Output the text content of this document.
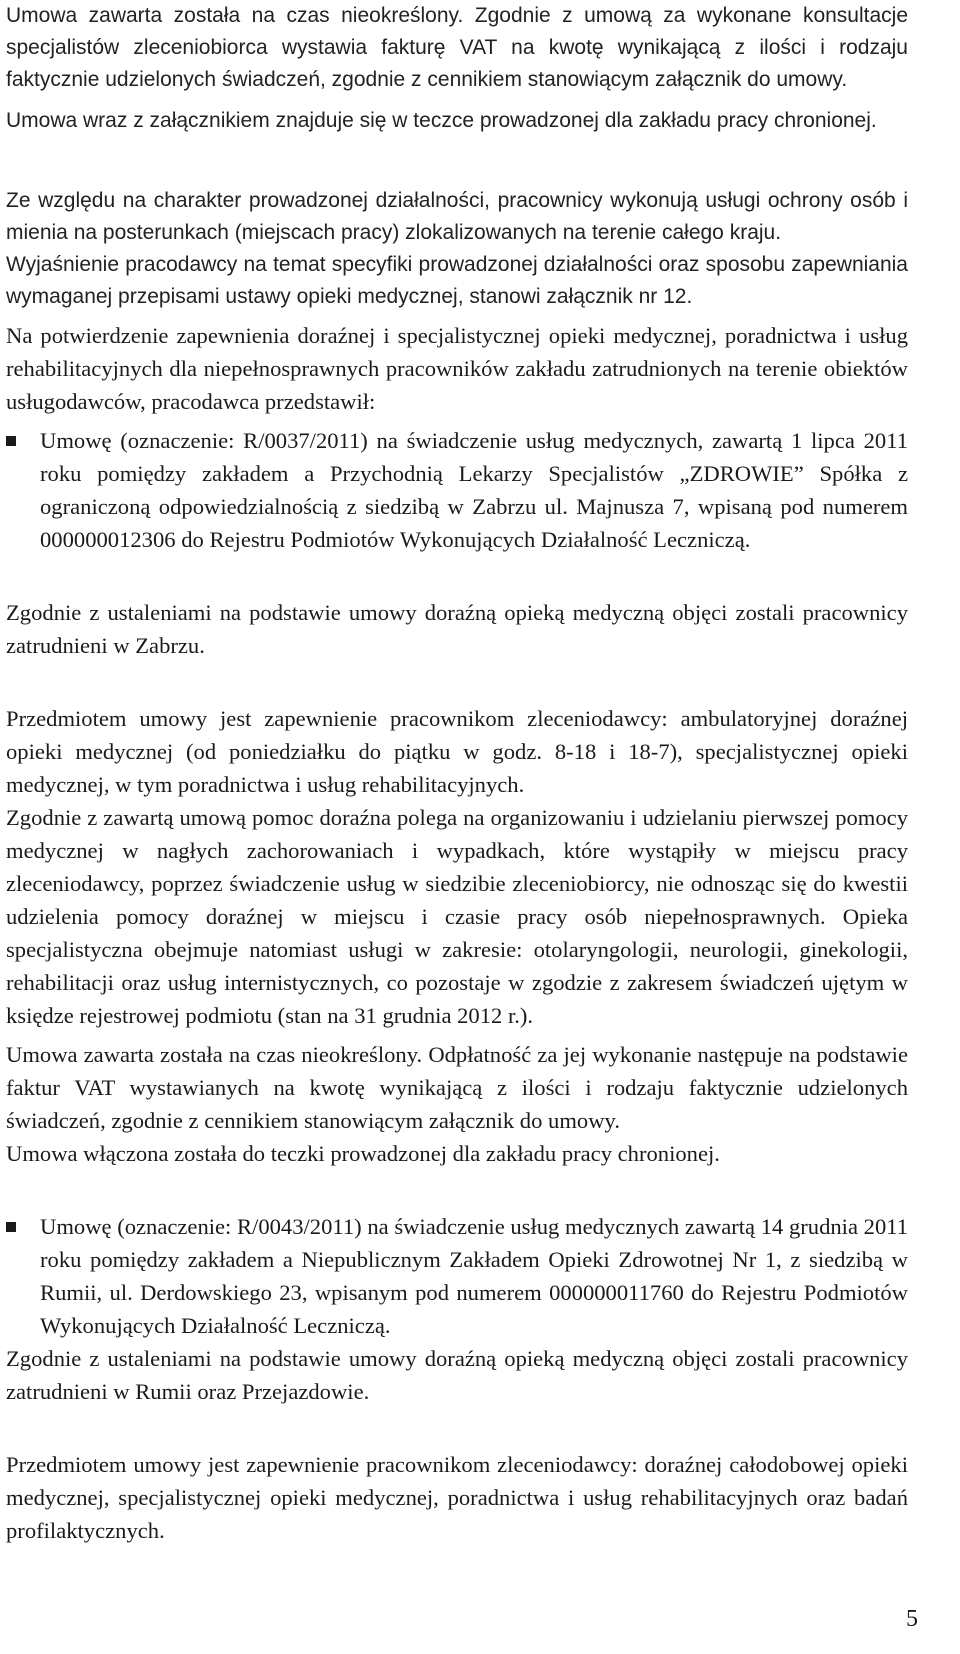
Umowa zawarta została na czas nieokreślony. Zgodnie z umową za wykonane konsultacje specjalistów zleceniobiorca wystawia fakturę VAT na kwotę wynikającą z ilości i rodzaju faktycznie udzielonych świadczeń, zgodnie z cennikiem stanowiącym załącznik do umowy.

Umowa wraz z załącznikiem znajduje się w teczce prowadzonej dla zakładu pracy chronionej.

Ze względu na charakter prowadzonej działalności, pracownicy wykonują usługi ochrony osób i mienia na posterunkach (miejscach pracy) zlokalizowanych na terenie całego kraju.

Wyjaśnienie pracodawcy na temat specyfiki prowadzonej działalności oraz sposobu zapewniania wymaganej przepisami ustawy opieki medycznej, stanowi załącznik nr 12.

Na potwierdzenie zapewnienia doraźnej i specjalistycznej opieki medycznej, poradnictwa i usług rehabilitacyjnych dla niepełnosprawnych pracowników zakładu zatrudnionych na terenie obiektów usługodawców, pracodawca przedstawił:

Umowę (oznaczenie: R/0037/2011) na świadczenie usług medycznych, zawartą 1 lipca 2011 roku pomiędzy zakładem a Przychodnią Lekarzy Specjalistów „ZDROWIE” Spółka z ograniczoną odpowiedzialnością z siedzibą w Zabrzu ul. Majnusza 7, wpisaną pod numerem 000000012306 do Rejestru Podmiotów Wykonujących Działalność Leczniczą.

Zgodnie z ustaleniami na podstawie umowy doraźną opieką medyczną objęci zostali pracownicy zatrudnieni w Zabrzu.

Przedmiotem umowy jest zapewnienie pracownikom zleceniodawcy: ambulatoryjnej doraźnej opieki medycznej (od poniedziałku do piątku w godz. 8-18 i 18-7), specjalistycznej opieki medycznej, w tym poradnictwa i usług rehabilitacyjnych.

Zgodnie z zawartą umową pomoc doraźna polega na organizowaniu i udzielaniu pierwszej pomocy medycznej w nagłych zachorowaniach i wypadkach, które wystąpiły w miejscu pracy zleceniodawcy, poprzez świadczenie usług w siedzibie zleceniobiorcy, nie odnosząc się do kwestii udzielenia pomocy doraźnej w miejscu i czasie pracy osób niepełnosprawnych. Opieka specjalistyczna obejmuje natomiast usługi w zakresie: otolaryngologii, neurologii, ginekologii, rehabilitacji oraz usług internistycznych, co pozostaje w zgodzie z zakresem świadczeń ujętym w księdze rejestrowej podmiotu (stan na 31 grudnia 2012 r.).

Umowa zawarta została na czas nieokreślony. Odpłatność za jej wykonanie następuje na podstawie faktur VAT wystawianych na kwotę wynikającą z ilości i rodzaju faktycznie udzielonych świadczeń, zgodnie z cennikiem stanowiącym załącznik do umowy.

Umowa włączona została do teczki prowadzonej dla zakładu pracy chronionej.

Umowę (oznaczenie: R/0043/2011) na świadczenie usług medycznych zawartą 14 grudnia 2011 roku pomiędzy zakładem a Niepublicznym Zakładem Opieki Zdrowotnej Nr 1, z siedzibą w Rumii, ul. Derdowskiego 23, wpisanym pod numerem 000000011760 do Rejestru Podmiotów Wykonujących Działalność Leczniczą.

Zgodnie z ustaleniami na podstawie umowy doraźną opieką medyczną objęci zostali pracownicy zatrudnieni w Rumii oraz Przejazdowie.

Przedmiotem umowy jest zapewnienie pracownikom zleceniodawcy: doraźnej całodobowej opieki medycznej, specjalistycznej opieki medycznej, poradnictwa i usług rehabilitacyjnych oraz badań profilaktycznych.

5
